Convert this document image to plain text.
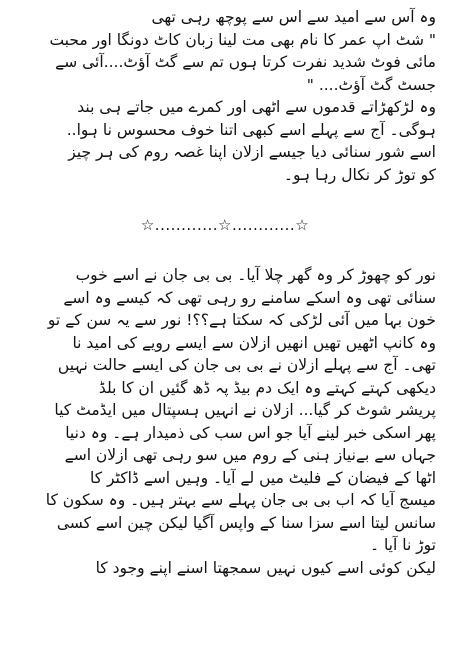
وہ آس سے امید سے اس سے پوچھ رہی تھی
" شٹ اپ عمر کا نام بھی مت لینا زبان کاٹ دونگا اور محبت
مائی فوٹ شدید نفرت کرتا ہوں تم سے گٹ آؤٹ....آئی سے
جسٹ گٹ آؤٹ.... "
وہ لڑکھڑاتے قدموں سے اٹھی اور کمرے میں جاتے ہی بند
ہوگی۔ آج سے پہلے اسے کبھی اتنا خوف محسوس نا ہوا..
اسے شور سنائی دیا جیسے ازلان اپنا غصہ روم کی ہر چیز
کو توڑ کر نکال رہا ہو۔
☆............☆............☆
نور کو چھوڑ کر وہ گھر چلا آیا۔ بی بی جان نے اسے خوب
سنائی تھی وہ اسکے سامنے رو رہی تھی کہ کیسے وہ اسے
خون بہا میں آئی لڑکی کہ سکتا ہے؟؟! نور سے یہ سن کے تو
وہ کانپ اٹھیں تھیں انھیں ازلان سے ایسے رویے کی امید نا
تھی۔ آج سے پہلے ازلان نے بی بی جان کی ایسے حالت نہیں
دیکھی کہتے کہتے وہ ایک دم بیڈ پہ ڈھ گئیں ان کا بلڈ
پریشر شوٹ کر گیا... ازلان نے انہیں ہسپتال میں ایڈمٹ کیا
پھر اسکی خبر لینے آیا جو اس سب کی ذمیدار ہے۔ وہ دنیا
جہاں سے بےنیاز ہنی کے روم میں سو رہی تھی ازلان اسے
اٹھا کے فیضان کے فلیٹ میں لے آیا۔ وہیں اسے ڈاکٹر کا
میسج آیا کہ اب بی بی جان پہلے سے بہتر ہیں۔ وہ سکون کا
سانس لیتا اسے سزا سنا کے واپس آگیا لیکن چین اسے کسی
توڑ نا آیا ۔
لیکن کوئی اسے کیوں نہیں سمجھتا اسنے اپنے وجود کا
